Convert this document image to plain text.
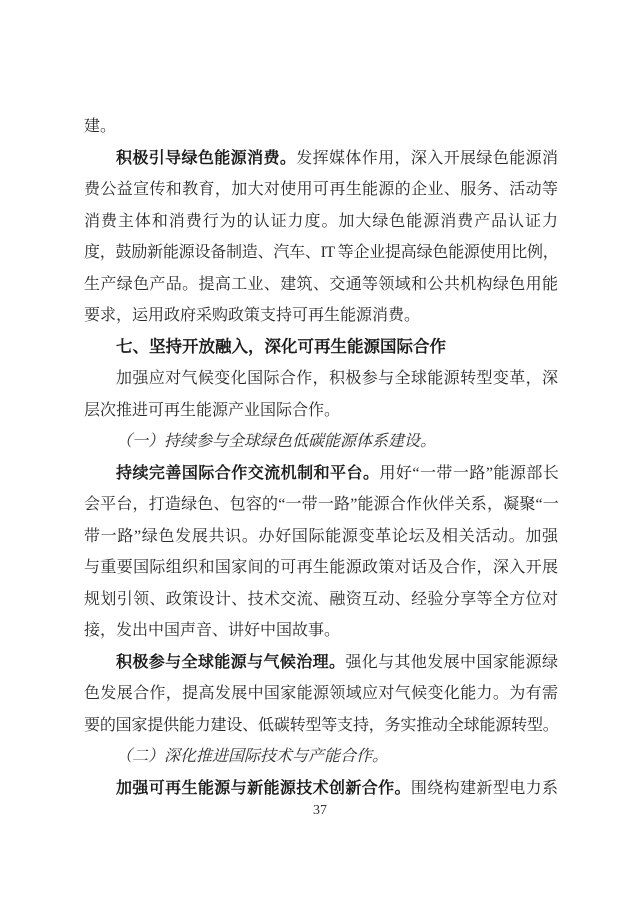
建。
积极引导绿色能源消费。发挥媒体作用，深入开展绿色能源消
费公益宣传和教育，加大对使用可再生能源的企业、服务、活动等
消费主体和消费行为的认证力度。加大绿色能源消费产品认证力
度，鼓励新能源设备制造、汽车、IT 等企业提高绿色能源使用比例，
生产绿色产品。提高工业、建筑、交通等领域和公共机构绿色用能
要求，运用政府采购政策支持可再生能源消费。
七、坚持开放融入，深化可再生能源国际合作
加强应对气候变化国际合作，积极参与全球能源转型变革，深
层次推进可再生能源产业国际合作。
（一）持续参与全球绿色低碳能源体系建设。
持续完善国际合作交流机制和平台。用好“一带一路”能源部长
会平台，打造绿色、包容的“一带一路”能源合作伙伴关系，凝聚“一
带一路”绿色发展共识。办好国际能源变革论坛及相关活动。加强
与重要国际组织和国家间的可再生能源政策对话及合作，深入开展
规划引领、政策设计、技术交流、融资互动、经验分享等全方位对
接，发出中国声音、讲好中国故事。
积极参与全球能源与气候治理。强化与其他发展中国家能源绿
色发展合作，提高发展中国家能源领域应对气候变化能力。为有需
要的国家提供能力建设、低碳转型等支持，务实推动全球能源转型。
（二）深化推进国际技术与产能合作。
加强可再生能源与新能源技术创新合作。围绕构建新型电力系
37
